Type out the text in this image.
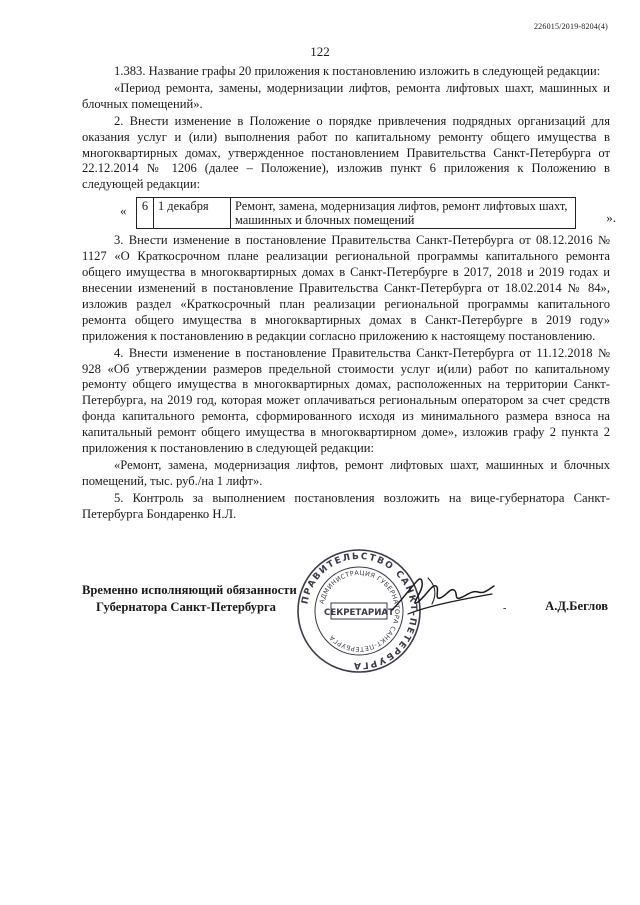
226015/2019-8204(4)
122

1.383. Название графы 20 приложения к постановлению изложить в следующей редакции:

«Период ремонта, замены, модернизации лифтов, ремонта лифтовых шахт, машинных и блочных помещений».

2. Внести изменение в Положение о порядке привлечения подрядных организаций для оказания услуг и (или) выполнения работ по капитальному ремонту общего имущества в многоквартирных домах, утвержденное постановлением Правительства Санкт-Петербурга от 22.12.2014 № 1206 (далее – Положение), изложив пункт 6 приложения к Положению в следующей редакции:

« 6	1 декабря	Ремонт, замена, модернизация лифтов, ремонт лифтовых шахт, машинных и блочных помещений	».

3. Внести изменение в постановление Правительства Санкт-Петербурга от 08.12.2016 № 1127 «О Краткосрочном плане реализации региональной программы капитального ремонта общего имущества в многоквартирных домах в Санкт-Петербурге в 2017, 2018 и 2019 годах и внесении изменений в постановление Правительства Санкт-Петербурга от 18.02.2014 № 84», изложив раздел «Краткосрочный план реализации региональной программы капитального ремонта общего имущества в многоквартирных домах в Санкт-Петербурге в 2019 году» приложения к постановлению в редакции согласно приложению к настоящему постановлению.

4. Внести изменение в постановление Правительства Санкт-Петербурга от 11.12.2018 № 928 «Об утверждении размеров предельной стоимости услуг и(или) работ по капитальному ремонту общего имущества в многоквартирных домах, расположенных на территории Санкт-Петербурга, на 2019 год, которая может оплачиваться региональным оператором за счет средств фонда капитального ремонта, сформированного исходя из минимального размера взноса на капитальный ремонт общего имущества в многоквартирном доме», изложив графу 2 пункта 2 приложения к постановлению в следующей редакции:

«Ремонт, замена, модернизация лифтов, ремонт лифтовых шахт, машинных и блочных помещений, тыс. руб./на 1 лифт».

5. Контроль за выполнением постановления возложить на вице-губернатора Санкт-Петербурга Бондаренко Н.Л.

Временно исполняющий обязанности
Губернатора Санкт-Петербурга
ПРАВИТЕЛЬСТВО САНКТ-ПЕТЕРБУРГА
АДМИНИСТРАЦИЯ ГУБЕРНАТОРА САНКТ-ПЕТЕРБУРГА
СЕКРЕТАРИАТ	-	А.Д.Беглов
